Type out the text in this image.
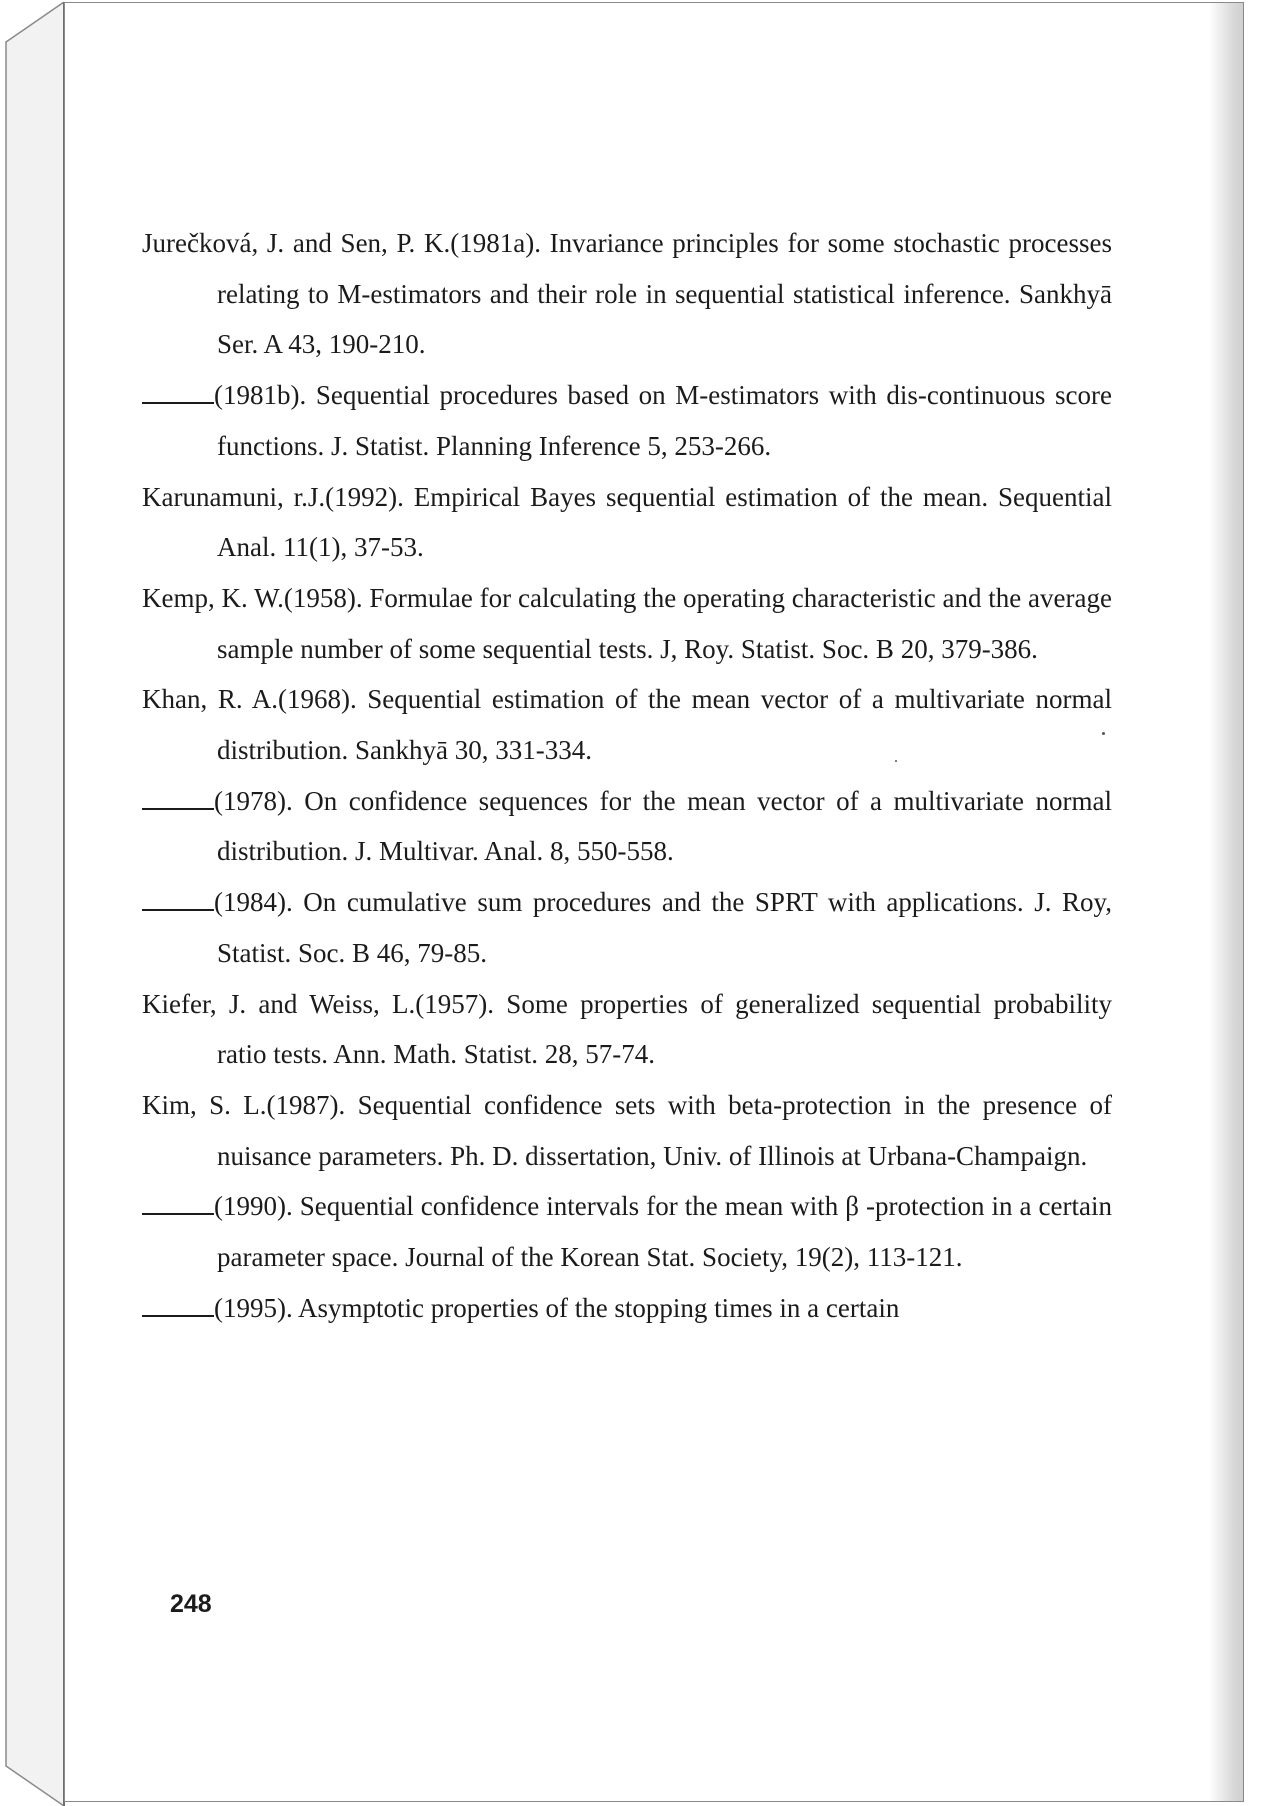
Jurečková, J. and Sen, P. K.(1981a). Invariance principles for some stochastic processes relating to M-estimators and their role in sequential statistical inference. Sankhyā Ser. A 43, 190-210.

(1981b). Sequential procedures based on M-estimators with dis-continuous score functions. J. Statist. Planning Inference 5, 253-266.

Karunamuni, r.J.(1992). Empirical Bayes sequential estimation of the mean. Sequential Anal. 11(1), 37-53.

Kemp, K. W.(1958). Formulae for calculating the operating characteristic and the average sample number of some sequential tests. J, Roy. Statist. Soc. B 20, 379-386.

Khan, R. A.(1968). Sequential estimation of the mean vector of a multivariate normal distribution. Sankhyā 30, 331-334.

(1978). On confidence sequences for the mean vector of a multivariate normal distribution. J. Multivar. Anal. 8, 550-558.

(1984). On cumulative sum procedures and the SPRT with applications. J. Roy, Statist. Soc. B 46, 79-85.

Kiefer, J. and Weiss, L.(1957). Some properties of generalized sequential probability ratio tests. Ann. Math. Statist. 28, 57-74.

Kim, S. L.(1987). Sequential confidence sets with beta-protection in the presence of nuisance parameters. Ph. D. dissertation, Univ. of Illinois at Urbana-Champaign.

(1990). Sequential confidence intervals for the mean with β -protection in a certain parameter space. Journal of the Korean Stat. Society, 19(2), 113-121.

(1995). Asymptotic properties of the stopping times in a certain

248
